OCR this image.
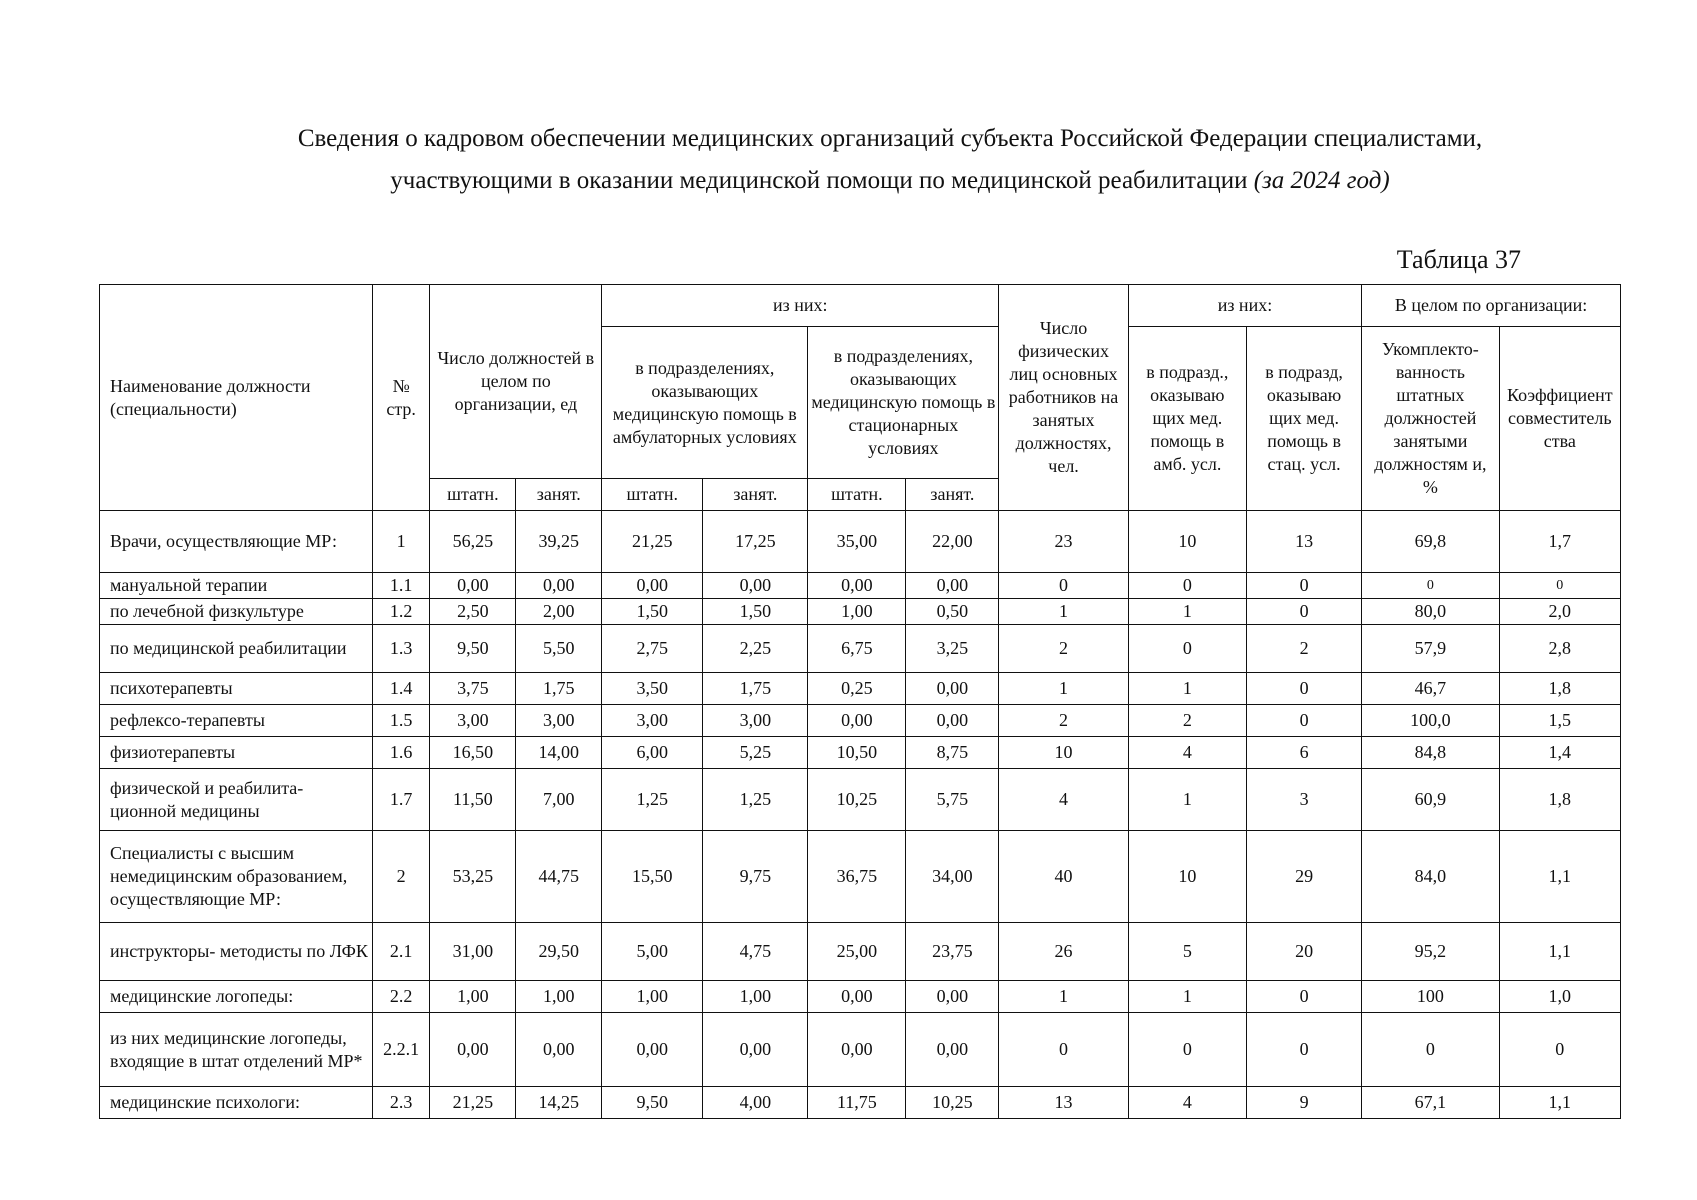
Сведения о кадровом обеспечении медицинских организаций субъекта Российской Федерации специалистами,
участвующими в оказании медицинской помощи по медицинской реабилитации (за 2024 год)
Таблица 37
Наименование должности (специальности)	№ стр.	Число должностей в целом по организации, ед		из них:				Число физических лиц основных работников на занятых должностях, чел.	из них:		В целом по организации:	
				в подразделениях, оказывающих медицинскую помощь в амбулаторных условиях		в подразделениях, оказывающих медицинскую помощь в стационарных условиях			в подразд., оказываю щих мед. помощь в амб. усл.	в подразд, оказываю щих мед. помощь в стац. усл.	Укомплекто-ванность штатных должностей занятыми должностям и, %	Коэффициент совместитель ства
		штатн.	занят.	штатн.	занят.	штатн.	занят.					
Врачи, осуществляющие МР:	1	56,25	39,25	21,25	17,25	35,00	22,00	23	10	13	69,8	1,7
мануальной терапии	1.1	0,00	0,00	0,00	0,00	0,00	0,00	0	0	0	0	0
по лечебной физкультуре	1.2	2,50	2,00	1,50	1,50	1,00	0,50	1	1	0	80,0	2,0
по медицинской реабилитации	1.3	9,50	5,50	2,75	2,25	6,75	3,25	2	0	2	57,9	2,8
психотерапевты	1.4	3,75	1,75	3,50	1,75	0,25	0,00	1	1	0	46,7	1,8
рефлексо-терапевты	1.5	3,00	3,00	3,00	3,00	0,00	0,00	2	2	0	100,0	1,5
физиотерапевты	1.6	16,50	14,00	6,00	5,25	10,50	8,75	10	4	6	84,8	1,4
физической и реабилита-ционной медицины	1.7	11,50	7,00	1,25	1,25	10,25	5,75	4	1	3	60,9	1,8
Специалисты с высшим немедицинским образованием, осуществляющие МР:	2	53,25	44,75	15,50	9,75	36,75	34,00	40	10	29	84,0	1,1
инструкторы- методисты по ЛФК	2.1	31,00	29,50	5,00	4,75	25,00	23,75	26	5	20	95,2	1,1
медицинские логопеды:	2.2	1,00	1,00	1,00	1,00	0,00	0,00	1	1	0	100	1,0
из них медицинские логопеды, входящие в штат отделений МР*	2.2.1	0,00	0,00	0,00	0,00	0,00	0,00	0	0	0	0	0
медицинские психологи:	2.3	21,25	14,25	9,50	4,00	11,75	10,25	13	4	9	67,1	1,1
